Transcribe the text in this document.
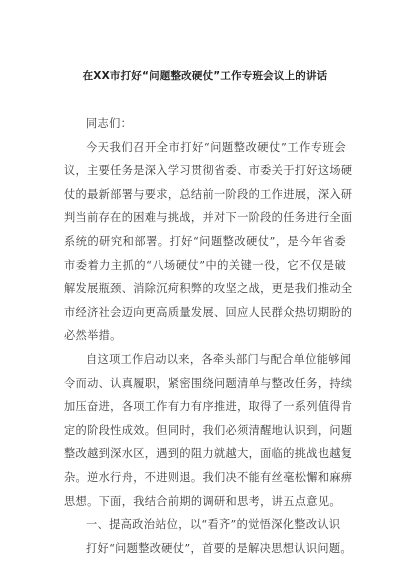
在XX市打好“问题整改硬仗”工作专班会议上的讲话
同志们：
今天我们召开全市打好“问题整改硬仗”工作专班会
议，主要任务是深入学习贯彻省委、市委关于打好这场硬
仗的最新部署与要求，总结前一阶段的工作进展，深入研
判当前存在的困难与挑战，并对下一阶段的任务进行全面
系统的研究和部署。打好“问题整改硬仗”，是今年省委
市委着力主抓的“八场硬仗”中的关键一役，它不仅是破
解发展瓶颈、消除沉疴积弊的攻坚之战，更是我们推动全
市经济社会迈向更高质量发展、回应人民群众热切期盼的
必然举措。
自这项工作启动以来，各牵头部门与配合单位能够闻
令而动、认真履职，紧密围绕问题清单与整改任务，持续
加压奋进，各项工作有力有序推进，取得了一系列值得肯
定的阶段性成效。但同时，我们必须清醒地认识到，问题
整改越到深水区，遇到的阻力就越大，面临的挑战也越复
杂。逆水行舟，不进则退。我们决不能有丝毫松懈和麻痹
思想。下面，我结合前期的调研和思考，讲五点意见。
一、提高政治站位，以“看齐”的觉悟深化整改认识
打好“问题整改硬仗”，首要的是解决思想认识问题。
